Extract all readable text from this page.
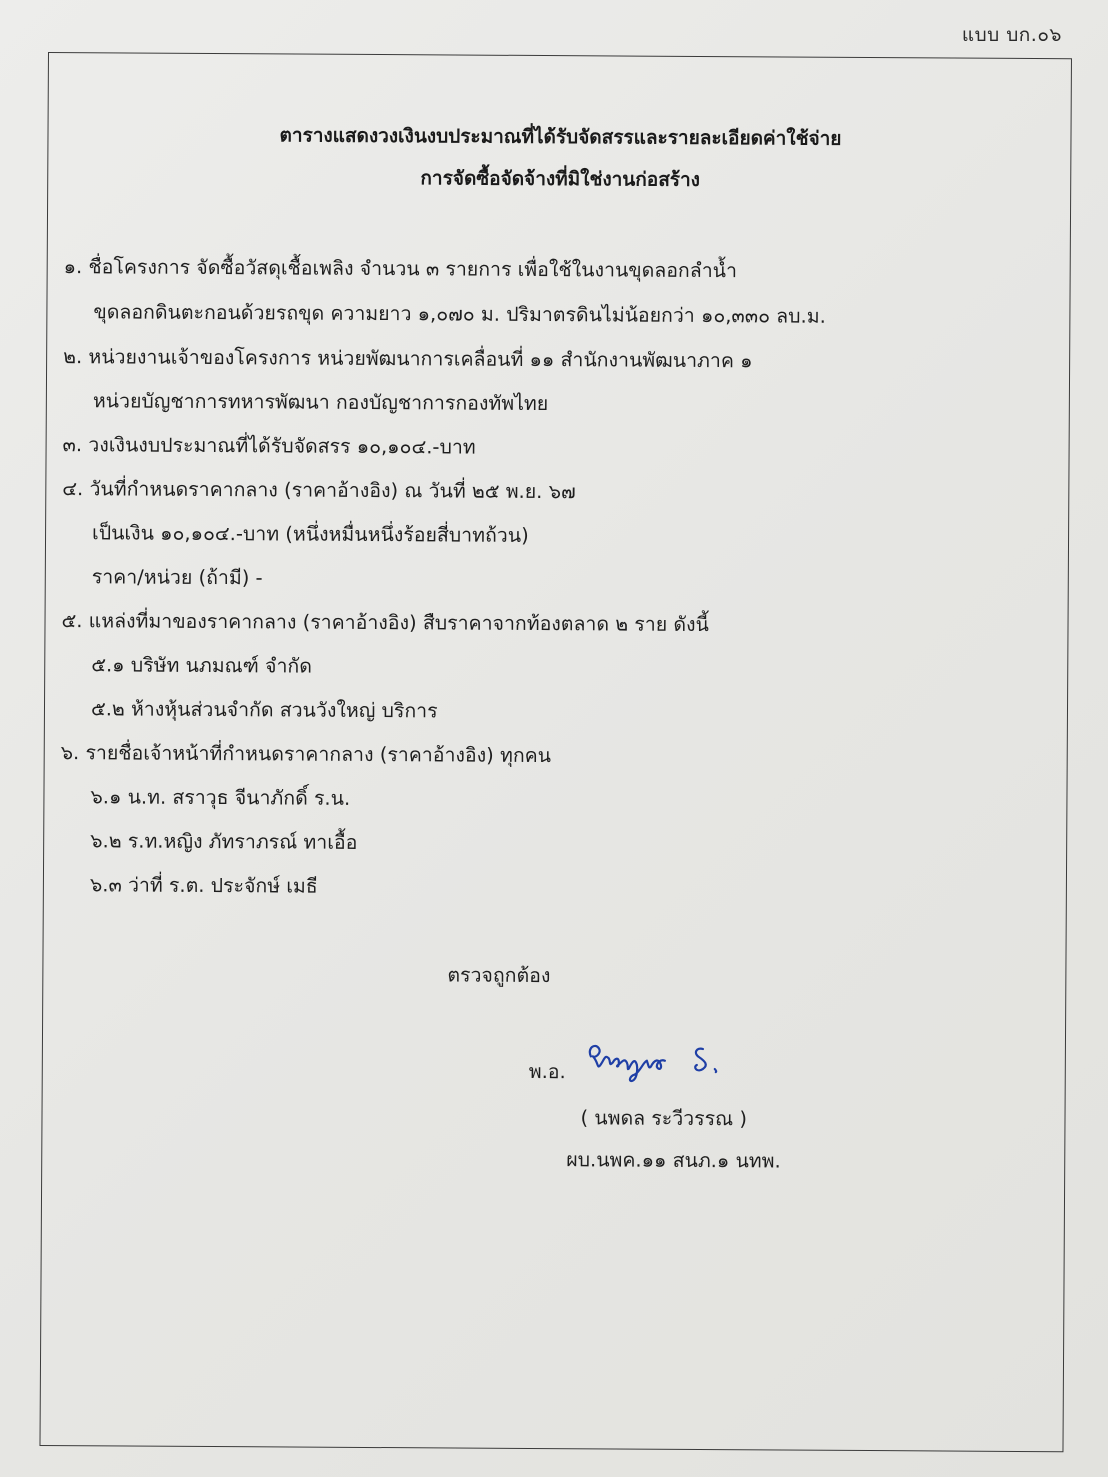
แบบ บก.๐๖
ตารางแสดงวงเงินงบประมาณที่ได้รับจัดสรรและรายละเอียดค่าใช้จ่าย
การจัดซื้อจัดจ้างที่มิใช่งานก่อสร้าง
๑. ชื่อโครงการ จัดซื้อวัสดุเชื้อเพลิง จำนวน ๓ รายการ เพื่อใช้ในงานขุดลอกลำน้ำ
ขุดลอกดินตะกอนด้วยรถขุด ความยาว ๑,๐๗๐ ม. ปริมาตรดินไม่น้อยกว่า ๑๐,๓๓๐ ลบ.ม.
๒. หน่วยงานเจ้าของโครงการ หน่วยพัฒนาการเคลื่อนที่ ๑๑ สำนักงานพัฒนาภาค ๑
หน่วยบัญชาการทหารพัฒนา กองบัญชาการกองทัพไทย
๓. วงเงินงบประมาณที่ได้รับจัดสรร ๑๐,๑๐๔.-บาท
๔. วันที่กำหนดราคากลาง (ราคาอ้างอิง) ณ วันที่ ๒๕ พ.ย. ๖๗
เป็นเงิน ๑๐,๑๐๔.-บาท (หนึ่งหมื่นหนึ่งร้อยสี่บาทถ้วน)
ราคา/หน่วย (ถ้ามี) -
๕. แหล่งที่มาของราคากลาง (ราคาอ้างอิง) สืบราคาจากท้องตลาด ๒ ราย ดังนี้
๕.๑ บริษัท นภมณฑ์ จำกัด
๕.๒ ห้างหุ้นส่วนจำกัด สวนวังใหญ่ บริการ
๖. รายชื่อเจ้าหน้าที่กำหนดราคากลาง (ราคาอ้างอิง) ทุกคน
๖.๑ น.ท. สราวุธ จีนาภักดิ์ ร.น.
๖.๒ ร.ท.หญิง ภัทราภรณ์ ทาเอื้อ
๖.๓ ว่าที่ ร.ต. ประจักษ์ เมธี
ตรวจถูกต้อง
พ.อ.
( นพดล ระวีวรรณ )
ผบ.นพค.๑๑ สนภ.๑ นทพ.
